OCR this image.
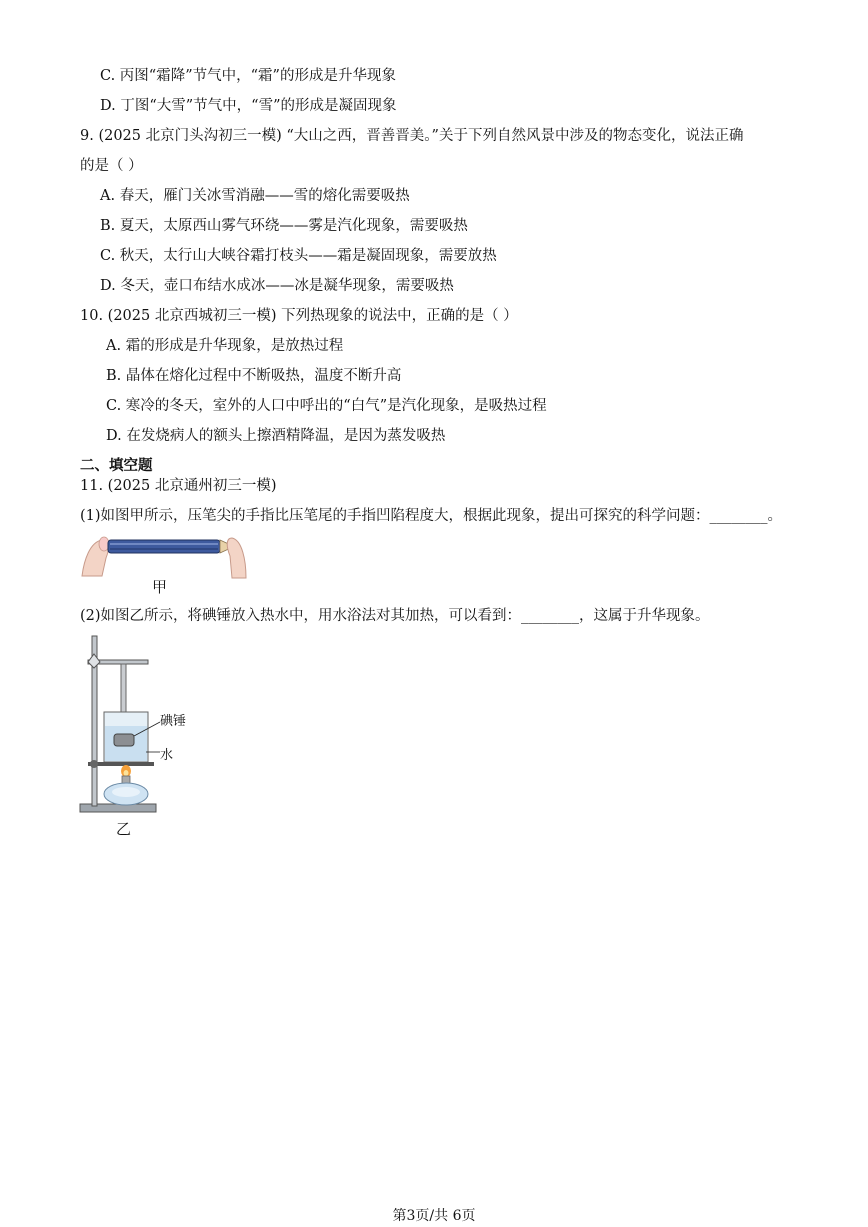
C. 丙图“霜降”节气中，“霜”的形成是升华现象
D. 丁图“大雪”节气中，“雪”的形成是凝固现象
9. (2025 北京门头沟初三一模) “大山之西，晋善晋美。”关于下列自然风景中涉及的物态变化，说法正确
的是（ ）
A. 春天，雁门关冰雪消融——雪的熔化需要吸热
B. 夏天，太原西山雾气环绕——雾是汽化现象，需要吸热
C. 秋天，太行山大峡谷霜打枝头——霜是凝固现象，需要放热
D. 冬天，壶口布结水成冰——冰是凝华现象，需要吸热
10. (2025 北京西城初三一模) 下列热现象的说法中，正确的是（ ）
A. 霜的形成是升华现象，是放热过程
B. 晶体在熔化过程中不断吸热，温度不断升高
C. 寒冷的冬天，室外的人口中呼出的“白气”是汽化现象，是吸热过程
D. 在发烧病人的额头上擦酒精降温，是因为蒸发吸热
二、填空题
11. (2025 北京通州初三一模)
(1)如图甲所示，压笔尖的手指比压笔尾的手指凹陷程度大，根据此现象，提出可探究的科学问题：________。
甲
(2)如图乙所示，将碘锤放入热水中，用水浴法对其加热，可以看到：________，这属于升华现象。
碘锤
水
乙
第3页/共 6页
